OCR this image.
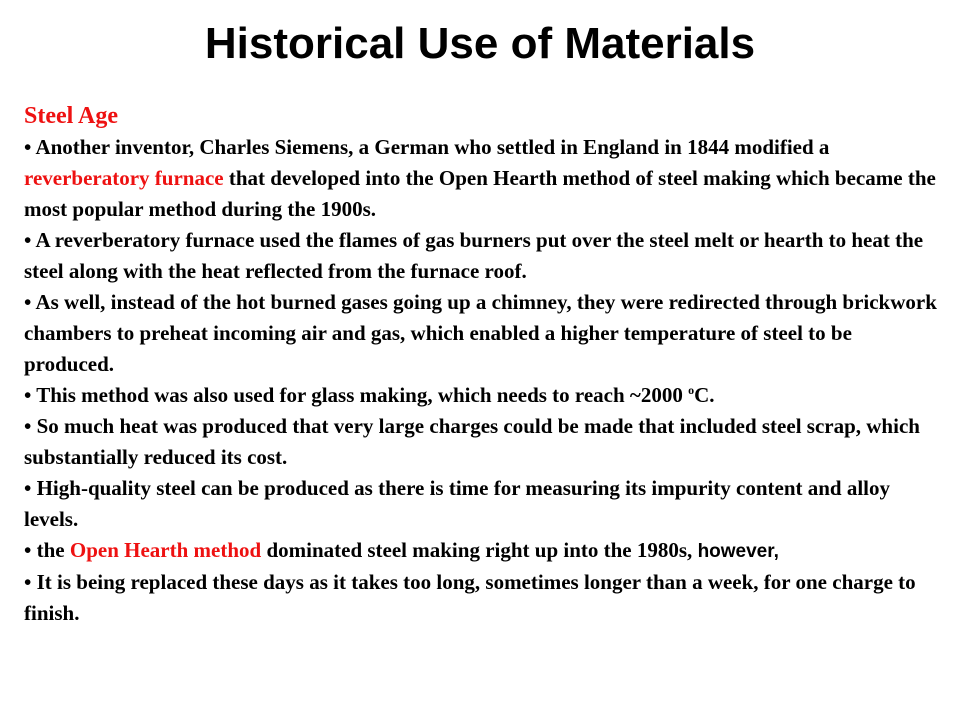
Historical Use of Materials

Steel Age

• Another inventor, Charles Siemens, a German who settled in England in 1844 modified a reverberatory furnace that developed into the Open Hearth method of steel making which became the most popular method during the 1900s.

• A reverberatory furnace used the flames of gas burners put over the steel melt or hearth to heat the steel along with the heat reflected from the furnace roof.

• As well, instead of the hot burned gases going up a chimney, they were redirected through brickwork chambers to preheat incoming air and gas, which enabled a higher temperature of steel to be produced.

• This method was also used for glass making, which needs to reach ~2000 $^o$C.

• So much heat was produced that very large charges could be made that included steel scrap, which substantially reduced its cost.

• High-quality steel can be produced as there is time for measuring its impurity content and alloy levels.

• the Open Hearth method dominated steel making right up into the 1980s, however,

• It is being replaced these days as it takes too long, sometimes longer than a week, for one charge to finish.
